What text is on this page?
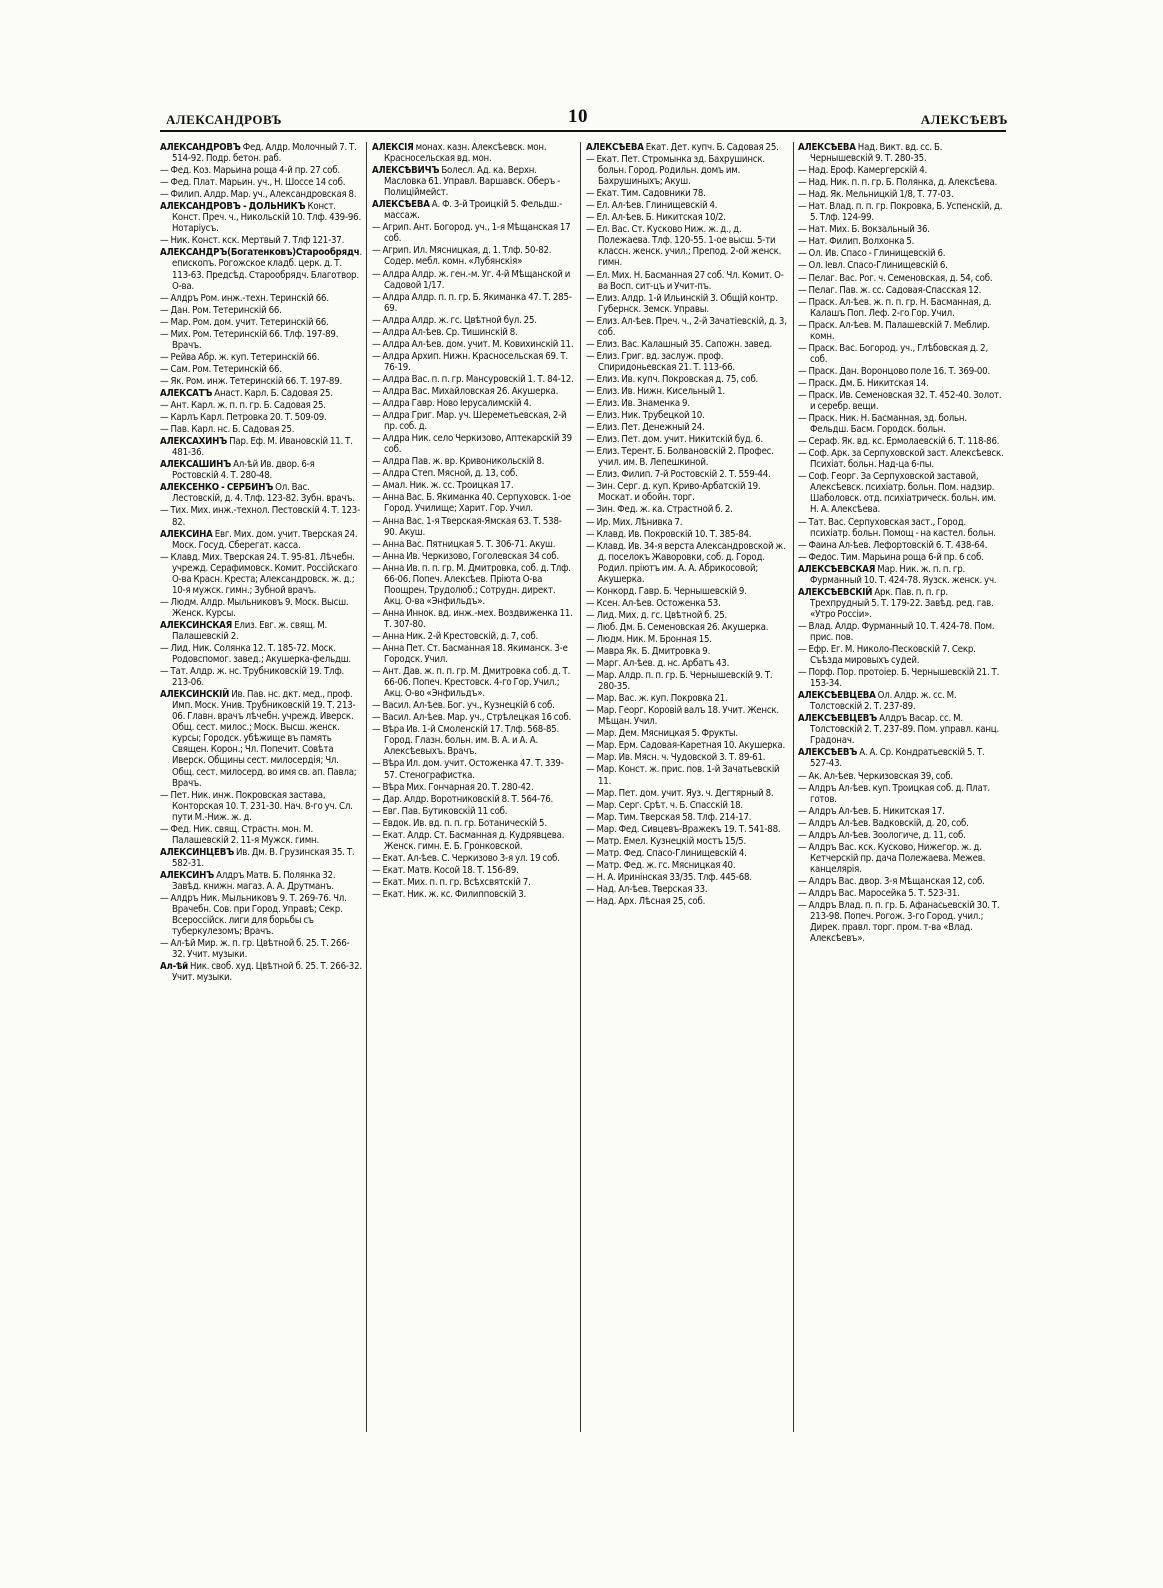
АЛЕКСАНДРОВЪ	10	АЛЕКСѢЕВЪ
АЛЕКСАНДРОВЪ Фед. Алдр. Молочный 7. Т. 514-92. Подр. бетон. раб.
— Фед. Коз. Марьина роща 4-й пр. 27 соб.
— Фед. Плат. Марьин. уч., Н. Шоссе 14 соб.
— Филип. Алдр. Мар. уч., Александровская 8.
АЛЕКСАНДРОВЪ - ДОЛЬНИКЪ Конст. Конст. Преч. ч., Никольскій 10. Тлф. 439-96. Нотаріусъ.
— Ник. Конст. кск. Мертвый 7. Тлф 121-37.
АЛЕКСАНДРЪ(Богатенковъ)Старообрядч. епископъ. Рогожское кладб. церк. д. Т. 113-63. Предсѣд. Старообрядч. Благотвор. О-ва.
— Алдръ Ром. инж.-техн. Теринскій 66.
— Дан. Ром. Тетеринскій 66.
— Мар. Ром. дом. учит. Тетеринскій 66.
— Мих. Ром. Тетеринскій 66. Тлф. 197-89. Врачъ.
— Рейва Абр. ж. куп. Тетеринскій 66.
— Сам. Ром. Тетеринскій 66.
— Як. Ром. инж. Тетеринскій 66. Т. 197-89.
АЛЕКСАТЪ Анаст. Карл. Б. Садовая 25.
— Ант. Карл. ж. п. п. гр. Б. Садовая 25.
— Карлъ Карл. Петровка 20. Т. 509-09.
— Пав. Карл. нс. Б. Садовая 25.
АЛЕКСАХИНЪ Пар. Еф. М. Ивановскій 11. Т. 481-36.
АЛЕКСАШИНЪ Ал-ѣй Ив. двор. 6-я Ростовскій 4. Т. 280-48.
АЛЕКСЕНКО - СЕРБИНЪ Ол. Вас. Лестовскій, д. 4. Тлф. 123-82. Зубн. врачъ.
— Тих. Мих. инж.-технол. Пестовскій 4. Т. 123-82.
АЛЕКСИНА Евг. Мих. дом. учит. Тверская 24. Моск. Госуд. Сберегат. касса.
— Клавд. Мих. Тверская 24. Т. 95-81. Лѣчебн. учрежд. Серафимовск. Комит. Россійскаго О-ва Красн. Креста; Александровск. ж. д.; 10-я мужск. гимн.; Зубной врачъ.
— Людм. Алдр. Мыльниковъ 9. Моск. Высш. Женск. Курсы.
АЛЕКСИНСКАЯ Елиз. Евг. ж. свящ. М. Палашевскій 2.
— Лид. Ник. Солянка 12. Т. 185-72. Моск. Родовспомог. завед.; Акушерка-фельдш.
— Тат. Алдр. ж. нс. Трубниковскій 19. Тлф. 213-06.
АЛЕКСИНСКІЙ Ив. Пав. нс. дкт. мед., проф. Имп. Моск. Унив. Трубниковскій 19. Т. 213-06. Главн. врачъ лѣчебн. учрежд. Иверск. Общ. сест. милос.; Моск. Высш. женск. курсы; Городск. убѣжище въ память Священ. Корон.; Чл. Попечит. Совѣта Иверск. Общины сест. милосердія; Чл. Общ. сест. милосерд. во имя св. ап. Павла; Врачъ.
— Пет. Ник. инж. Покровская застава, Конторская 10. Т. 231-30. Нач. 8-го уч. Сл. пути М.-Ниж. ж. д.
— Фед. Ник. свящ. Страстн. мон. М. Палашевскій 2. 11-я Мужск. гимн.
АЛЕКСИНЦЕВЪ Ив. Дм. В. Грузинская 35. Т. 582-31.
АЛЕКСИНЪ Алдръ Матв. Б. Полянка 32. Завѣд. книжн. магаз. А. А. Друтманъ.
— Алдръ Ник. Мыльниковъ 9. Т. 269-76. Чл. Врачебн. Сов. при Город. Управѣ; Секр. Всероссійск. лиги для борьбы съ туберкулезомъ; Врачъ.
— Ал-ѣй Мир. ж. п. гр. Цвѣтной б. 25. Т. 266-32. Учит. музыки.
Ал-ѣй Ник. своб. худ. Цвѣтной б. 25. Т. 266-32. Учит. музыки.
АЛЕКСІЯ монах. казн. Алексѣевск. мон. Красносельская вд. мон.
АЛЕКСѢВИЧЪ Болесл. Ад. ка. Верхн. Масловка 61. Управл. Варшавск. Оберъ - Полиціймейст.
АЛЕКСѢЕВА А. Ф. 3-й Троицкій 5. Фельдш.-массаж.
— Агрип. Ант. Богород. уч., 1-я Мѣщанская 17 соб.
— Агрип. Ил. Мясницкая, д. 1. Тлф. 50-82. Содер. мебл. комн. «Лубянскія»
— Алдра Алдр. ж. ген.-м. Уг. 4-й Мѣщанской и Садовой 1/17.
— Алдра Алдр. п. п. гр. Б. Якиманка 47. Т. 285-69.
— Алдра Алдр. ж. гс. Цвѣтной бул. 25.
— Алдра Ал-ѣев. Ср. Тишинскій 8.
— Алдра Ал-ѣев. дом. учит. М. Ковихинскій 11.
— Алдра Архип. Нижн. Красносельская 69. Т. 76-19.
— Алдра Вас. п. п. гр. Мансуровскій 1. Т. 84-12.
— Алдра Вас. Михайловская 26. Акушерка.
— Алдра Гавр. Ново Іерусалимскій 4.
— Алдра Григ. Мар. уч. Шереметьевская, 2-й пр. соб. д.
— Алдра Ник. село Черкизово, Аптекарскій 39 соб.
— Алдра Пав. ж. вр. Кривоникольскій 8.
— Алдра Степ. Мясной, д. 13, соб.
— Амал. Ник. ж. сс. Троицкая 17.
— Анна Вас. Б. Якиманка 40. Серпуховск. 1-ое Город. Училище; Харит. Гор. Учил.
— Анна Вас. 1-я Тверская-Ямская 63. Т. 538-90. Акуш.
— Анна Вас. Пятницкая 5. Т. 306-71. Акуш.
— Анна Ив. Черкизово, Гоголевская 34 соб.
— Анна Ив. п. п. гр. М. Дмитровка, соб. д. Тлф. 66-06. Попеч. Алексѣев. Пріюта О-ва Поощрен. Трудолюб.; Сотрудн. директ. Акц. О-ва «Энфильдъ».
— Анна Иннок. вд. инж.-мех. Воздвиженка 11. Т. 307-80.
— Анна Ник. 2-й Крестовскій, д. 7, соб.
— Анна Пет. Ст. Басманная 18. Якиманск. 3-е Городск. Учил.
— Ант. Дав. ж. п. п. гр. М. Дмитровка соб. д. Т. 66-06. Попеч. Крестовск. 4-го Гор. Учил.; Акц. О-во «Энфильдъ».
— Васил. Ал-ѣев. Бог. уч., Кузнецкій 6 соб.
— Васил. Ал-ѣев. Мар. уч., Стрѣлецкая 16 соб.
— Вѣра Ив. 1-й Смоленскій 17. Тлф. 568-85. Город. Глазн. больн. им. В. А. и А. А. Алексѣевыхъ. Врачъ.
— Вѣра Ил. дом. учит. Остоженка 47. Т. 339-57. Стенографистка.
— Вѣра Мих. Гончарная 20. Т. 280-42.
— Дар. Алдр. Воротниковскій 8. Т. 564-76.
— Евг. Пав. Бутиковскій 11 соб.
— Евдок. Ив. вд. п. п. гр. Ботаническій 5.
— Екат. Алдр. Ст. Басманная д. Кудрявцева. Женск. гимн. Е. Б. Гронковской.
— Екат. Ал-ѣев. С. Черкизово 3-я ул. 19 соб.
— Екат. Матв. Косой 18. Т. 156-89.
— Екат. Мих. п. п. гр. Всѣхсвятскій 7.
— Екат. Ник. ж. кс. Филипповскій 3.
АЛЕКСѢЕВА Екат. Дет. купч. Б. Садовая 25.
— Екат. Пет. Стромынка зд. Бахрушинск. больн. Город. Родильн. домъ им. Бахрушиныхъ; Акуш.
— Екат. Тим. Садовники 78.
— Ел. Ал-ѣев. Глинищевскій 4.
— Ел. Ал-ѣев. Б. Никитская 10/2.
— Ел. Вас. Ст. Кусково Ниж. ж. д., д. Полежаева. Тлф. 120-55. 1-ое высш. 5-ти классн. женск. учил.; Препод. 2-ой женск. гимн.
— Ел. Мих. Н. Басманная 27 соб. Чл. Комит. О-ва Восп. сит-цъ и Учит-пъ.
— Елиз. Алдр. 1-й Ильинскій 3. Общій контр. Губернск. Земск. Управы.
— Елиз. Ал-ѣев. Преч. ч., 2-й Зачатіевскій, д. 3, соб.
— Елиз. Вас. Калашный 35. Сапожн. завед.
— Елиз. Григ. вд. заслуж. проф. Спиридоньевская 21. Т. 113-66.
— Елиз. Ив. купч. Покровская д. 75, соб.
— Елиз. Ив. Нижн. Кисельный 1.
— Елиз. Ив. Знаменка 9.
— Елиз. Ник. Трубецкой 10.
— Елиз. Пет. Денежный 24.
— Елиз. Пет. дом. учит. Никитскій буд. 6.
— Елиз. Терент. Б. Болвановскій 2. Профес. учил. им. В. Лепешкиной.
— Елиз. Филип. 7-й Ростовскій 2. Т. 559-44.
— Зин. Серг. д. куп. Криво-Арбатскій 19. Москат. и обойн. торг.
— Зин. Фед. ж. ка. Страстной б. 2.
— Ир. Мих. Лѣнивка 7.
— Клавд. Ив. Покровскій 10. Т. 385-84.
— Клавд. Ив. 34-я верста Александровской ж. д. поселокъ Жаворовки, соб. д. Город. Родил. пріютъ им. А. А. Абрикосовой; Акушерка.
— Конкорд. Гавр. Б. Чернышевскій 9.
— Ксен. Ал-ѣев. Остоженка 53.
— Лид. Мих. д. гс. Цвѣтной б. 25.
— Люб. Дм. Б. Семеновская 26. Акушерка.
— Людм. Ник. М. Бронная 15.
— Мавра Як. Б. Дмитровка 9.
— Марг. Ал-ѣев. д. нс. Арбатъ 43.
— Мар. Алдр. п. п. гр. Б. Чернышевскій 9. Т. 280-35.
— Мар. Вас. ж. куп. Покровка 21.
— Мар. Георг. Коровій валъ 18. Учит. Женск. Мѣщан. Учил.
— Мар. Дем. Мясницкая 5. Фрукты.
— Мар. Ерм. Садовая-Каретная 10. Акушерка.
— Мар. Ив. Мясн. ч. Чудовской 3. Т. 89-61.
— Мар. Конст. ж. прис. пов. 1-й Зачатьевскій 11.
— Мар. Пет. дом. учит. Яуз. ч. Дегтярный 8.
— Мар. Серг. Срѣт. ч. Б. Спасскій 18.
— Мар. Тим. Тверская 58. Тлф. 214-17.
— Мар. Фед. Сивцевъ-Вражекъ 19. Т. 541-88.
— Матр. Емел. Кузнецкій мостъ 15/5.
— Матр. Фед. Спасо-Глинищевскій 4.
— Матр. Фед. ж. гс. Мясницкая 40.
— Н. А. Иринінская 33/35. Тлф. 445-68.
— Над. Ал-ѣев. Тверская 33.
— Над. Арх. Лѣсная 25, соб.
АЛЕКСѢЕВА Над. Викт. вд. сс. Б. Чернышевскій 9. Т. 280-35.
— Над. Ероф. Камергерскій 4.
— Над. Ник. п. п. гр. Б. Полянка, д. Алексѣева.
— Над. Як. Мельницкій 1/8, Т. 77-03.
— Нат. Влад. п. п. гр. Покровка, Б. Успенскій, д. 5. Тлф. 124-99.
— Нат. Мих. Б. Вокзальный 36.
— Нат. Филип. Волхонка 5.
— Ол. Ив. Спасо - Глинищевскій 6.
— Ол. Іевл. Спасо-Глинищевскій 6.
— Пелаг. Вас. Рог. ч. Семеновская, д. 54, соб.
— Пелаг. Пав. ж. сс. Садовая-Спасская 12.
— Праск. Ал-ѣев. ж. п. п. гр. Н. Басманная, д. Калашъ Поп. Леф. 2-го Гор. Учил.
— Праск. Ал-ѣев. М. Палашевскій 7. Меблир. комн.
— Праск. Вас. Богород. уч., Глѣбовская д. 2, соб.
— Праск. Дан. Воронцово поле 16. Т. 369-00.
— Праск. Дм. Б. Никитская 14.
— Праск. Ив. Семеновская 32. Т. 452-40. Золот. и серебр. вещи.
— Праск. Ник. Н. Басманная, зд. больн. Фельдш. Басм. Городск. больн.
— Сераф. Як. вд. кс. Ермолаевскій 6. Т. 118-86.
— Соф. Арк. за Серпуховской заст. Алексѣевск. Психіат. больн. Над-ца 6-пы.
— Соф. Георг. За Серпуховской заставой, Алексѣевск. психіатр. больн. Пом. надзир. Шаболовск. отд. психіатрическ. больн. им. Н. А. Алексѣева.
— Тат. Вас. Серпуховская заст., Город. психіатр. больн. Помощ - на кастел. больн.
— Фаина Ал-ѣев. Лефортовскій 6. Т. 438-64.
— Федос. Тим. Марьина роща 6-й пр. 6 соб.
АЛЕКСѢЕВСКАЯ Мар. Ник. ж. п. п. гр. Фурманный 10. Т. 424-78. Яузск. женск. уч.
АЛЕКСѢЕВСКІЙ Арк. Пав. п. п. гр. Трехпрудный 5. Т. 179-22. Завѣд. ред. гав. «Утро Россіи».
— Влад. Алдр. Фурманный 10. Т. 424-78. Пом. прис. пов.
— Ефр. Ег. М. Николо-Песковскій 7. Секр. Съѣзда мировыхъ судей.
— Порф. Пор. протоіер. Б. Чернышевскій 21. Т. 153-34.
АЛЕКСѢЕВЦЕВА Ол. Алдр. ж. сс. М. Толстовскій 2. Т. 237-89.
АЛЕКСѢЕВЦЕВЪ Алдръ Васар. сс. М. Толстовскій 2. Т. 237-89. Пом. управл. канц. Градонач.
АЛЕКСѢЕВЪ А. А. Ср. Кондратьевскій 5. Т. 527-43.
— Ак. Ал-ѣев. Черкизовская 39, соб.
— Алдръ Ал-ѣев. куп. Троицкая соб. д. Плат. готов.
— Алдръ Ал-ѣев. Б. Никитская 17.
— Алдръ Ал-ѣев. Вадковскій, д. 20, соб.
— Алдръ Ал-ѣев. Зоологиче, д. 11, соб.
— Алдръ Вас. кск. Кусково, Нижегор. ж. д. Кетчерскій пр. дача Полежаева. Межев. канцелярія.
— Алдръ Вас. двор. 3-я Мѣщанская 12, соб.
— Алдръ Вас. Маросейка 5. Т. 523-31.
— Алдръ Влад. п. п. гр. Б. Афанасьевскій 30. Т. 213-98. Попеч. Рогож. 3-го Город. учил.; Дирек. правл. торг. пром. т-ва «Влад. Алексѣевъ».
